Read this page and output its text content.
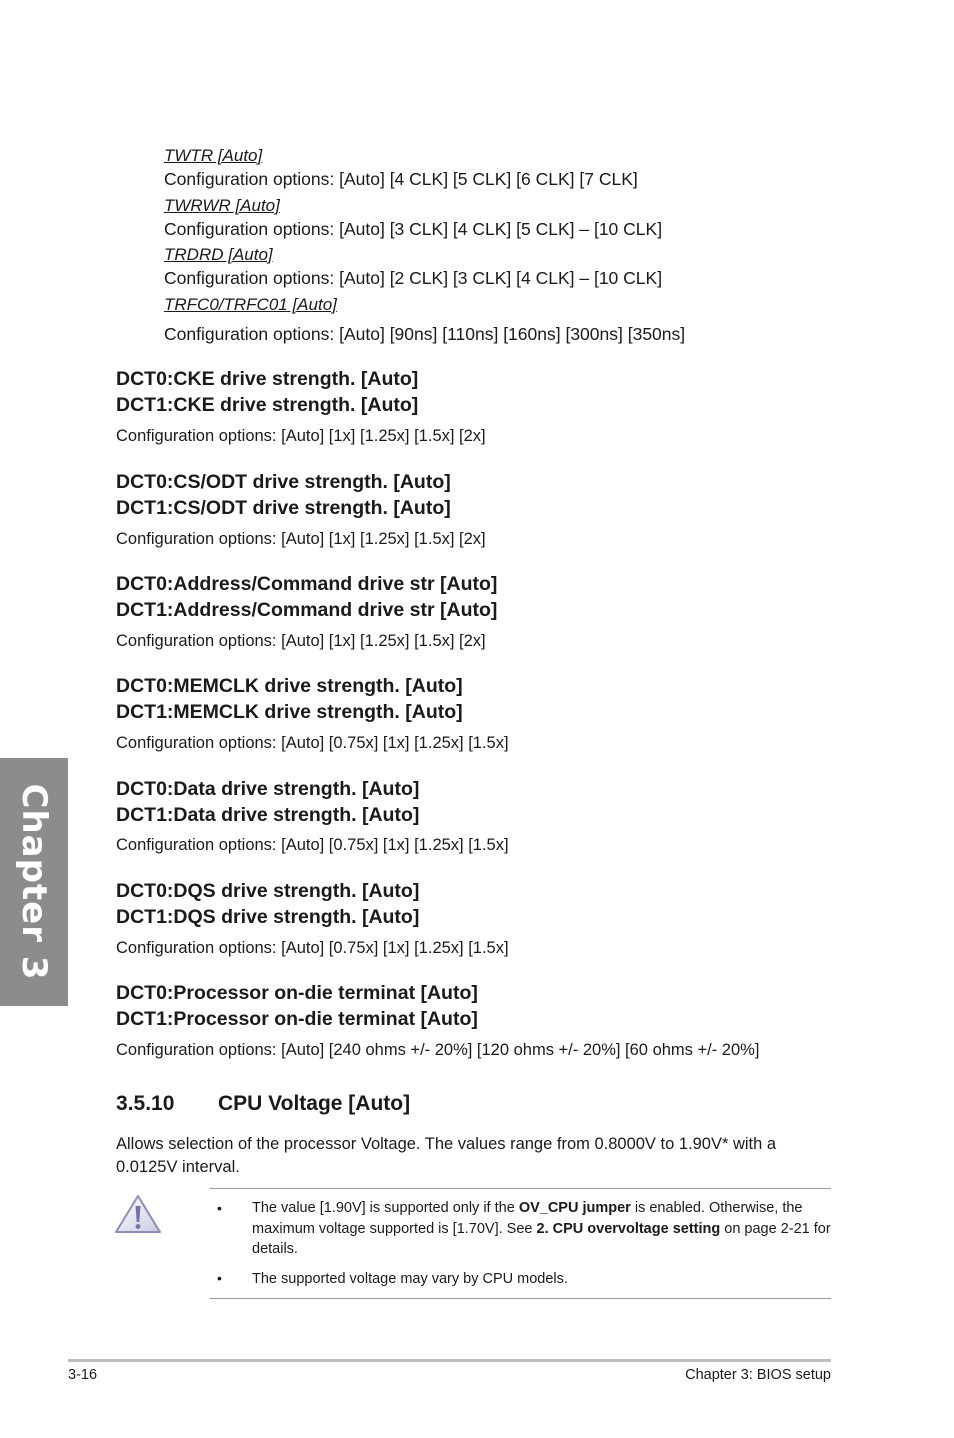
TWTR [Auto]
Configuration options: [Auto] [4 CLK] [5 CLK] [6 CLK] [7 CLK]
TWRWR [Auto]
Configuration options: [Auto] [3 CLK] [4 CLK] [5 CLK] – [10 CLK]
TRDRD [Auto]
Configuration options: [Auto] [2 CLK] [3 CLK] [4 CLK] – [10 CLK]
TRFC0/TRFC01 [Auto]
Configuration options: [Auto] [90ns] [110ns] [160ns] [300ns] [350ns]
DCT0:CKE drive strength. [Auto]
DCT1:CKE drive strength. [Auto]
Configuration options: [Auto] [1x] [1.25x] [1.5x] [2x]
DCT0:CS/ODT drive strength. [Auto]
DCT1:CS/ODT drive strength. [Auto]
Configuration options: [Auto] [1x] [1.25x] [1.5x] [2x]
DCT0:Address/Command drive str [Auto]
DCT1:Address/Command drive str [Auto]
Configuration options: [Auto] [1x] [1.25x] [1.5x] [2x]
DCT0:MEMCLK drive strength. [Auto]
DCT1:MEMCLK drive strength. [Auto]
Configuration options: [Auto] [0.75x] [1x] [1.25x] [1.5x]
DCT0:Data drive strength. [Auto]
DCT1:Data drive strength. [Auto]
Configuration options: [Auto] [0.75x] [1x] [1.25x] [1.5x]
DCT0:DQS drive strength. [Auto]
DCT1:DQS drive strength. [Auto]
Configuration options: [Auto] [0.75x] [1x] [1.25x] [1.5x]
DCT0:Processor on-die terminat [Auto]
DCT1:Processor on-die terminat [Auto]
Configuration options: [Auto] [240 ohms +/- 20%] [120 ohms +/- 20%] [60 ohms +/- 20%]
Chapter 3
3.5.10 CPU Voltage [Auto]
Allows selection of the processor Voltage. The values range from 0.8000V to 1.90V* with a 0.0125V interval.
• The value [1.90V] is supported only if the OV_CPU jumper is enabled. Otherwise, the maximum voltage supported is [1.70V]. See 2. CPU overvoltage setting on page 2-21 for details.
• The supported voltage may vary by CPU models.
3-16	Chapter 3: BIOS setup
